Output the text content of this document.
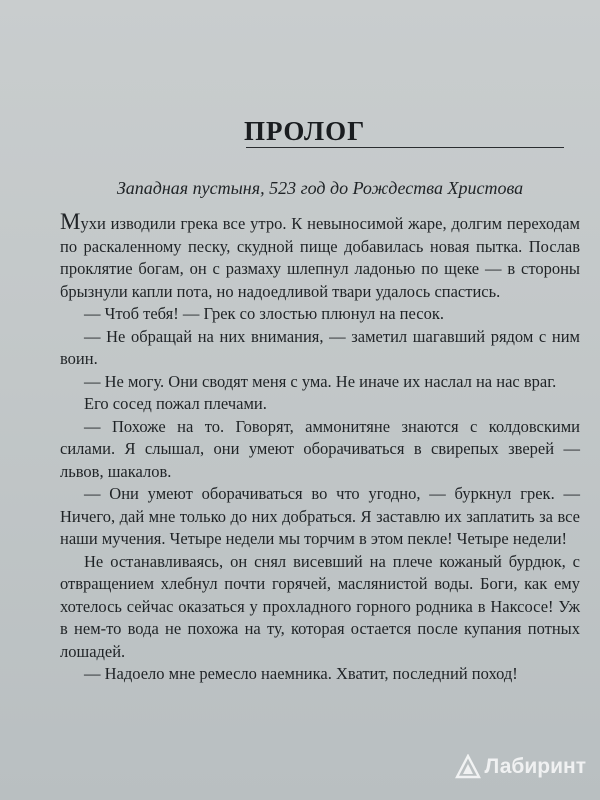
ПРОЛОГ
Западная пустыня, 523 год до Рождества Христова

Мухи изводили грека все утро. К невыносимой жаре, долгим переходам по раскаленному песку, скудной пище добавилась новая пытка. Послав проклятие богам, он с размаху шлепнул ладонью по щеке — в стороны брызнули капли пота, но надоедливой твари удалось спастись.

— Чтоб тебя! — Грек со злостью плюнул на песок.

— Не обращай на них внимания, — заметил шагавший рядом с ним воин.

— Не могу. Они сводят меня с ума. Не иначе их наслал на нас враг.

Его сосед пожал плечами.

— Похоже на то. Говорят, аммонитяне знаются с колдовскими силами. Я слышал, они умеют оборачиваться в свирепых зверей — львов, шакалов.

— Они умеют оборачиваться во что угодно, — буркнул грек. — Ничего, дай мне только до них добраться. Я заставлю их заплатить за все наши мучения. Четыре недели мы торчим в этом пекле! Четыре недели!

Не останавливаясь, он снял висевший на плече кожаный бурдюк, с отвращением хлебнул почти горячей, маслянистой воды. Боги, как ему хотелось сейчас оказаться у прохладного горного родника в Наксосе! Уж в нем-то вода не похожа на ту, которая остается после купания потных лошадей.

— Надоело мне ремесло наемника. Хватит, последний поход!

Лабиринт
